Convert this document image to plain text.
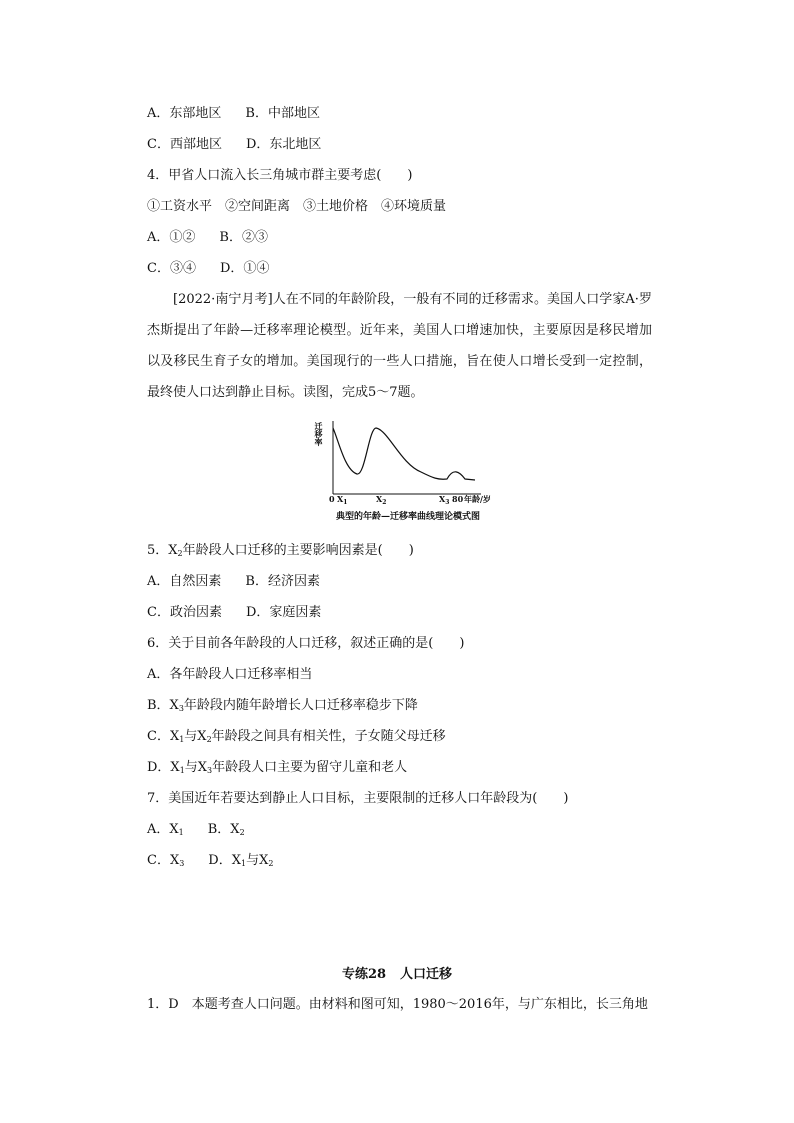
A．东部地区 B．中部地区
C．西部地区 D．东北地区
4．甲省人口流入长三角城市群主要考虑(　　)
①工资水平　②空间距离　③土地价格　④环境质量
A．①② B．②③
C．③④ D．①④
[2022·南宁月考]人在不同的年龄阶段，一般有不同的迁移需求。美国人口学家A·罗杰斯提出了年龄—迁移率理论模型。近年来，美国人口增速加快，主要原因是移民增加以及移民生育子女的增加。美国现行的一些人口措施，旨在使人口增长受到一定控制，最终使人口达到静止目标。读图，完成5～7题。
迁移率
0 $X_1$	$X_2$	$X_3$ 80 年龄/岁
典型的年龄—迁移率曲线理论模式图
5．$X_2$年龄段人口迁移的主要影响因素是(　　)
A．自然因素 B．经济因素
C．政治因素 D．家庭因素
6．关于目前各年龄段的人口迁移，叙述正确的是(　　)
A．各年龄段人口迁移率相当
B．$X_3$年龄段内随年龄增长人口迁移率稳步下降
C．$X_1$与$X_2$年龄段之间具有相关性，子女随父母迁移
D．$X_1$与$X_3$年龄段人口主要为留守儿童和老人
7．美国近年若要达到静止人口目标，主要限制的迁移人口年龄段为(　　)
A．$X_1$ B．$X_2$
C．$X_3$ D．$X_1$与$X_2$
专练28 人口迁移
1．D　本题考查人口问题。由材料和图可知，1980～2016年，与广东相比，长三角地
